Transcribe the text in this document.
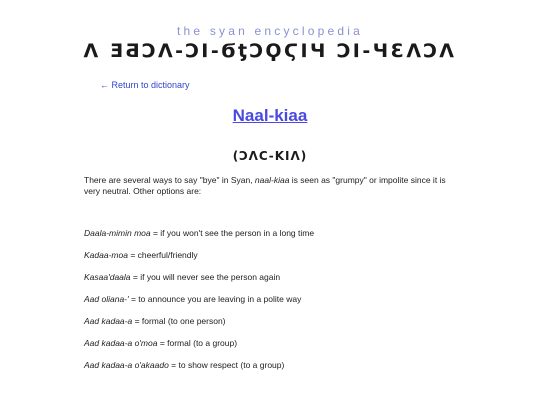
the syan encyclopedia
Λ ƎƋϽΛ-ϽΙ-ϬƫϽϘϚΙЧ ϽΙ-ЧԐΛϽΛ
← Return to dictionary
Naal-kiaa
(ϽΛϹ-ΚΙΛ)

There are several ways to say "bye" in Syan, naal-kiaa is seen as "grumpy" or impolite since it is very neutral. Other options are:

Daala-mimin moa = if you won't see the person in a long time
Kadaa-moa = cheerful/friendly
Kasaa'daala = if you will never see the person again
Aad oliana-' = to announce you are leaving in a polite way
Aad kadaa-a = formal (to one person)
Aad kadaa-a o'moa = formal (to a group)
Aad kadaa-a o'akaado = to show respect (to a group)
